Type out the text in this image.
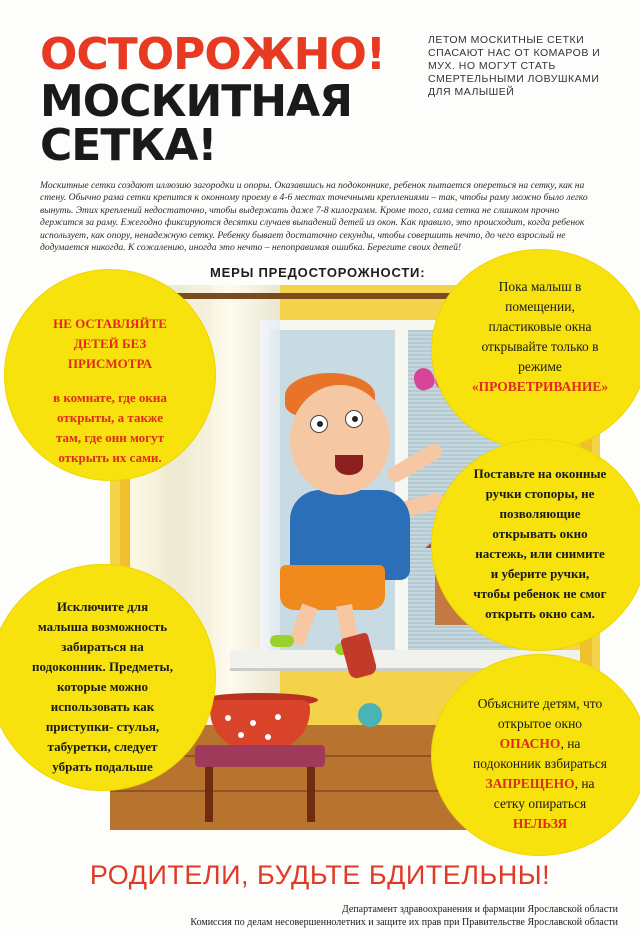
ОСТОРОЖНО!
МОСКИТНАЯ
СЕТКА!
ЛЕТОМ МОСКИТНЫЕ СЕТКИ СПАСАЮТ НАС ОТ КОМАРОВ И МУХ. НО МОГУТ СТАТЬ СМЕРТЕЛЬНЫМИ ЛОВУШКАМИ ДЛЯ МАЛЫШЕЙ
Москитные сетки создают иллюзию загородки и опоры. Оказавшись на подоконнике, ребенок пытается опереться на сетку, как на стену. Обычно рама сетки крепится к оконному проему в 4-6 местах точечными креплениями – так, чтобы раму можно было легко вынуть. Этих креплений недостаточно, чтобы выдержать даже 7-8 килограмм. Кроме того, сама сетка не слишком прочно держится за раму. Ежегодно фиксируются десятки случаев выпадений детей из окон. Как правило, это происходит, когда ребенок использует, как опору, ненадежную сетку. Ребенку бывает достаточно секунды, чтобы совершить нечто, до чего взрослый не додумается никогда. К сожалению, иногда это нечто – непоправимая ошибка. Берегите своих детей!
МЕРЫ ПРЕДОСТОРОЖНОСТИ:
НЕ ОСТАВЛЯЙТЕ
ДЕТЕЙ БЕЗ
ПРИСМОТРА
в комнате, где окна
открыты, а также
там, где они могут
открыть их сами.
Пока малыш в
помещении,
пластиковые окна
открывайте только в
режиме
«ПРОВЕТРИВАНИЕ»
Поставьте на оконные
ручки стопоры, не
позволяющие
открывать окно
настежь, или снимите
и уберите ручки,
чтобы ребенок не смог
открыть окно сам.
Исключите для
малыша возможность
забираться на
подоконник. Предметы,
которые можно
использовать как
приступки- стулья,
табуретки, следует
убрать подальше
Объясните детям, что
открытое окно
ОПАСНО, на
подоконник взбираться
ЗАПРЕЩЕНО, на
сетку опираться
НЕЛЬЗЯ
РОДИТЕЛИ, БУДЬТЕ БДИТЕЛЬНЫ!
Департамент здравоохранения и фармации Ярославской области
Комиссия по делам несовершеннолетних и защите их прав при Правительстве Ярославской области
